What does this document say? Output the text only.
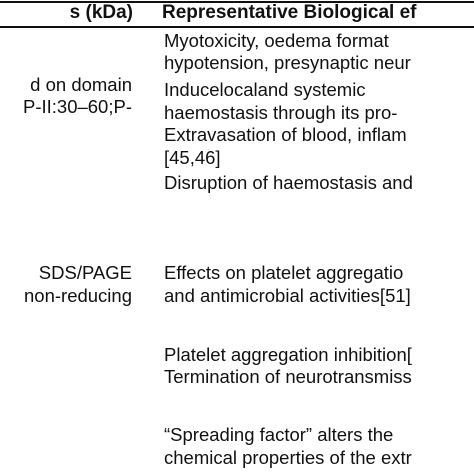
s (kDa) Representative Biological ef
d on domain
P-II:30–60;P-
SDS/PAGE
non-reducing
Myotoxicity, oedema format
hypotension, presynaptic neur
Inducelocaland systemic
haemostasis through its pro-
Extravasation of blood, inflam
[45,46]
Disruption of haemostasis and
Effects on platelet aggregatio
and antimicrobial activities[51]
Platelet aggregation inhibition[
Termination of neurotransmiss
“Spreading factor” alters the
chemical properties of the extr
